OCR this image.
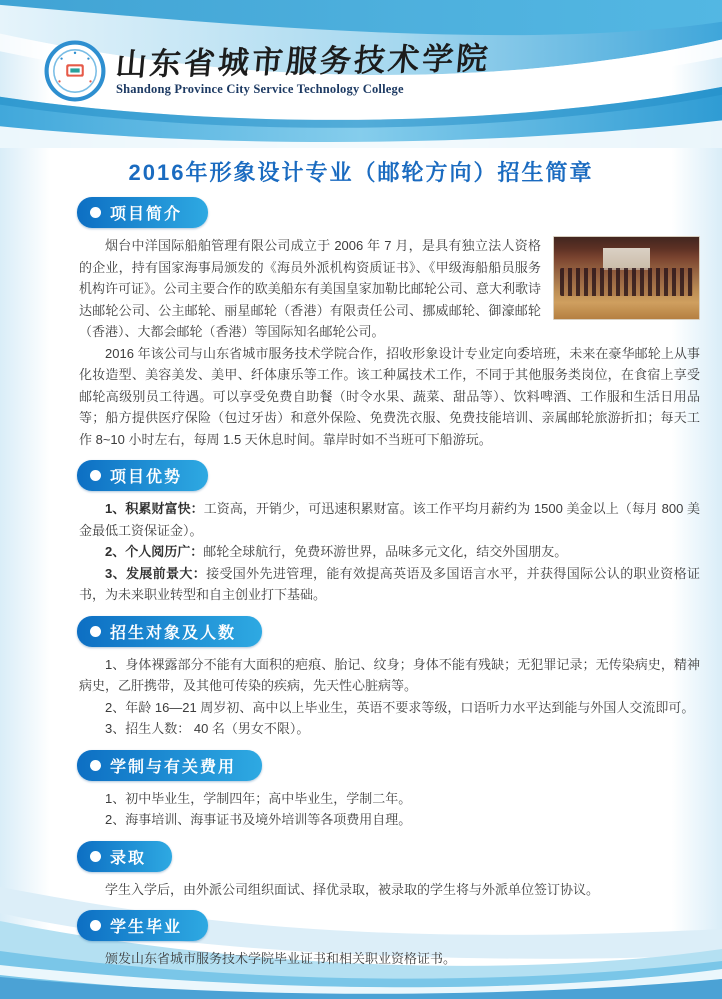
山东省城市服务技术学院
Shandong Province City Service Technology College
2016年形象设计专业（邮轮方向）招生简章
项目简介

烟台中洋国际船舶管理有限公司成立于 2006 年 7 月，是具有独立法人资格的企业，持有国家海事局颁发的《海员外派机构资质证书》、《甲级海船船员服务机构许可证》。公司主要合作的欧美船东有美国皇家加勒比邮轮公司、意大利歌诗达邮轮公司、公主邮轮、丽星邮轮（香港）有限责任公司、挪威邮轮、御濠邮轮（香港）、大都会邮轮（香港）等国际知名邮轮公司。

2016 年该公司与山东省城市服务技术学院合作，招收形象设计专业定向委培班，未来在豪华邮轮上从事化妆造型、美容美发、美甲、纤体康乐等工作。该工种属技术工作，不同于其他服务类岗位，在食宿上享受邮轮高级别员工待遇。可以享受免费自助餐（时令水果、蔬菜、甜品等）、饮料啤酒、工作服和生活日用品等；船方提供医疗保险（包过牙齿）和意外保险、免费洗衣服、免费技能培训、亲属邮轮旅游折扣；每天工作 8~10 小时左右，每周 1.5 天休息时间。靠岸时如不当班可下船游玩。

项目优势

1、积累财富快：工资高，开销少，可迅速积累财富。该工作平均月薪约为 1500 美金以上（每月 800 美金最低工资保证金）。

2、个人阅历广：邮轮全球航行，免费环游世界，品味多元文化，结交外国朋友。

3、发展前景大：接受国外先进管理，能有效提高英语及多国语言水平，并获得国际公认的职业资格证书，为未来职业转型和自主创业打下基础。

招生对象及人数

1、身体裸露部分不能有大面积的疤痕、胎记、纹身；身体不能有残缺；无犯罪记录；无传染病史，精神病史，乙肝携带，及其他可传染的疾病，先天性心脏病等。

2、年龄 16—21 周岁初、高中以上毕业生，英语不要求等级，口语听力水平达到能与外国人交流即可。

3、招生人数： 40 名（男女不限）。

学制与有关费用

1、初中毕业生，学制四年；高中毕业生，学制二年。

2、海事培训、海事证书及境外培训等各项费用自理。

录取

学生入学后，由外派公司组织面试、择优录取，被录取的学生将与外派单位签订协议。

学生毕业

颁发山东省城市服务技术学院毕业证书和相关职业资格证书。
